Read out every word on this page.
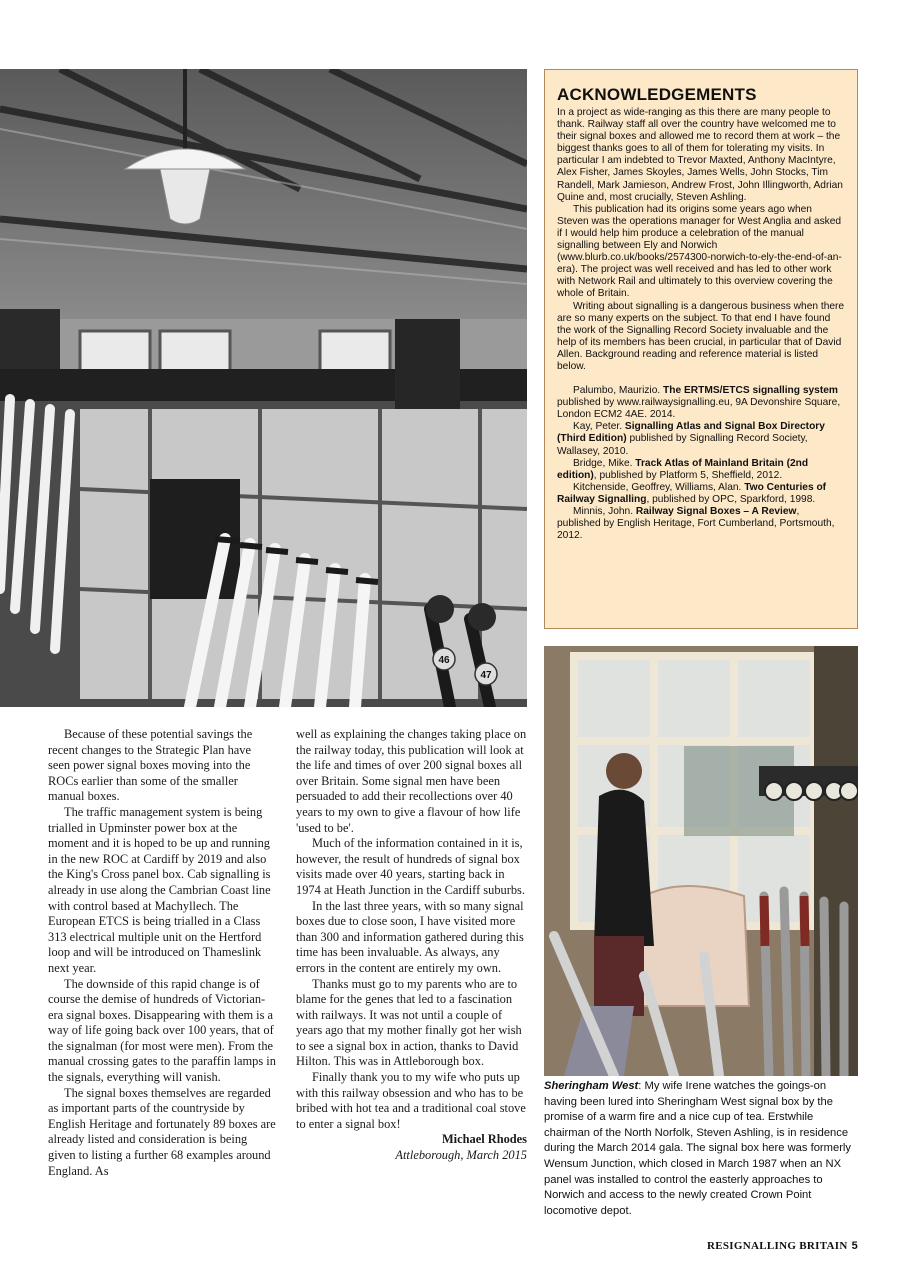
46
47
ACKNOWLEDGEMENTS

In a project as wide-ranging as this there are many people to thank. Railway staff all over the country have welcomed me to their signal boxes and allowed me to record them at work – the biggest thanks goes to all of them for tolerating my visits. In particular I am indebted to Trevor Maxted, Anthony MacIntyre, Alex Fisher, James Skoyles, James Wells, John Stocks, Tim Randell, Mark Jamieson, Andrew Frost, John Illingworth, Adrian Quine and, most crucially, Steven Ashling.

This publication had its origins some years ago when Steven was the operations manager for West Anglia and asked if I would help him produce a celebration of the manual signalling between Ely and Norwich (www.blurb.co.uk/books/2574300-norwich-to-ely-the-end-of-an-era). The project was well received and has led to other work with Network Rail and ultimately to this overview covering the whole of Britain.

Writing about signalling is a dangerous business when there are so many experts on the subject. To that end I have found the work of the Signalling Record Society invaluable and the help of its members has been crucial, in particular that of David Allen. Background reading and reference material is listed below.

Palumbo, Maurizio. The ERTMS/ETCS signalling system published by www.railwaysignalling.eu, 9A Devonshire Square, London ECM2 4AE. 2014.

Kay, Peter. Signalling Atlas and Signal Box Directory (Third Edition) published by Signalling Record Society, Wallasey, 2010.

Bridge, Mike. Track Atlas of Mainland Britain (2nd edition), published by Platform 5, Sheffield, 2012.

Kitchenside, Geoffrey, Williams, Alan. Two Centuries of Railway Signalling, published by OPC, Sparkford, 1998.

Minnis, John. Railway Signal Boxes – A Review, published by English Heritage, Fort Cumberland, Portsmouth, 2012.

Because of these potential savings the recent changes to the Strategic Plan have seen power signal boxes moving into the ROCs earlier than some of the smaller manual boxes.

The traffic management system is being trialled in Upminster power box at the moment and it is hoped to be up and running in the new ROC at Cardiff by 2019 and also the King's Cross panel box. Cab signalling is already in use along the Cambrian Coast line with control based at Machyllech. The European ETCS is being trialled in a Class 313 electrical multiple unit on the Hertford loop and will be introduced on Thameslink next year.

The downside of this rapid change is of course the demise of hundreds of Victorian-era signal boxes. Disappearing with them is a way of life going back over 100 years, that of the signalman (for most were men). From the manual crossing gates to the paraffin lamps in the signals, everything will vanish.

The signal boxes themselves are regarded as important parts of the countryside by English Heritage and fortunately 89 boxes are already listed and consideration is being given to listing a further 68 examples around England. As

well as explaining the changes taking place on the railway today, this publication will look at the life and times of over 200 signal boxes all over Britain. Some signal men have been persuaded to add their recollections over 40 years to my own to give a flavour of how life 'used to be'.

Much of the information contained in it is, however, the result of hundreds of signal box visits made over 40 years, starting back in 1974 at Heath Junction in the Cardiff suburbs.

In the last three years, with so many signal boxes due to close soon, I have visited more than 300 and information gathered during this time has been invaluable. As always, any errors in the content are entirely my own.

Thanks must go to my parents who are to blame for the genes that led to a fascination with railways. It was not until a couple of years ago that my mother finally got her wish to see a signal box in action, thanks to David Hilton. This was in Attleborough box.

Finally thank you to my wife who puts up with this railway obsession and who has to be bribed with hot tea and a traditional coal stove to enter a signal box!

Michael Rhodes
Attleborough, March 2015
Sheringham West: My wife Irene watches the goings-on having been lured into Sheringham West signal box by the promise of a warm fire and a nice cup of tea. Erstwhile chairman of the North Norfolk, Steven Ashling, is in residence during the March 2014 gala. The signal box here was formerly Wensum Junction, which closed in March 1987 when an NX panel was installed to control the easterly approaches to Norwich and access to the newly created Crown Point locomotive depot.
RESIGNALLING BRITAIN 5
